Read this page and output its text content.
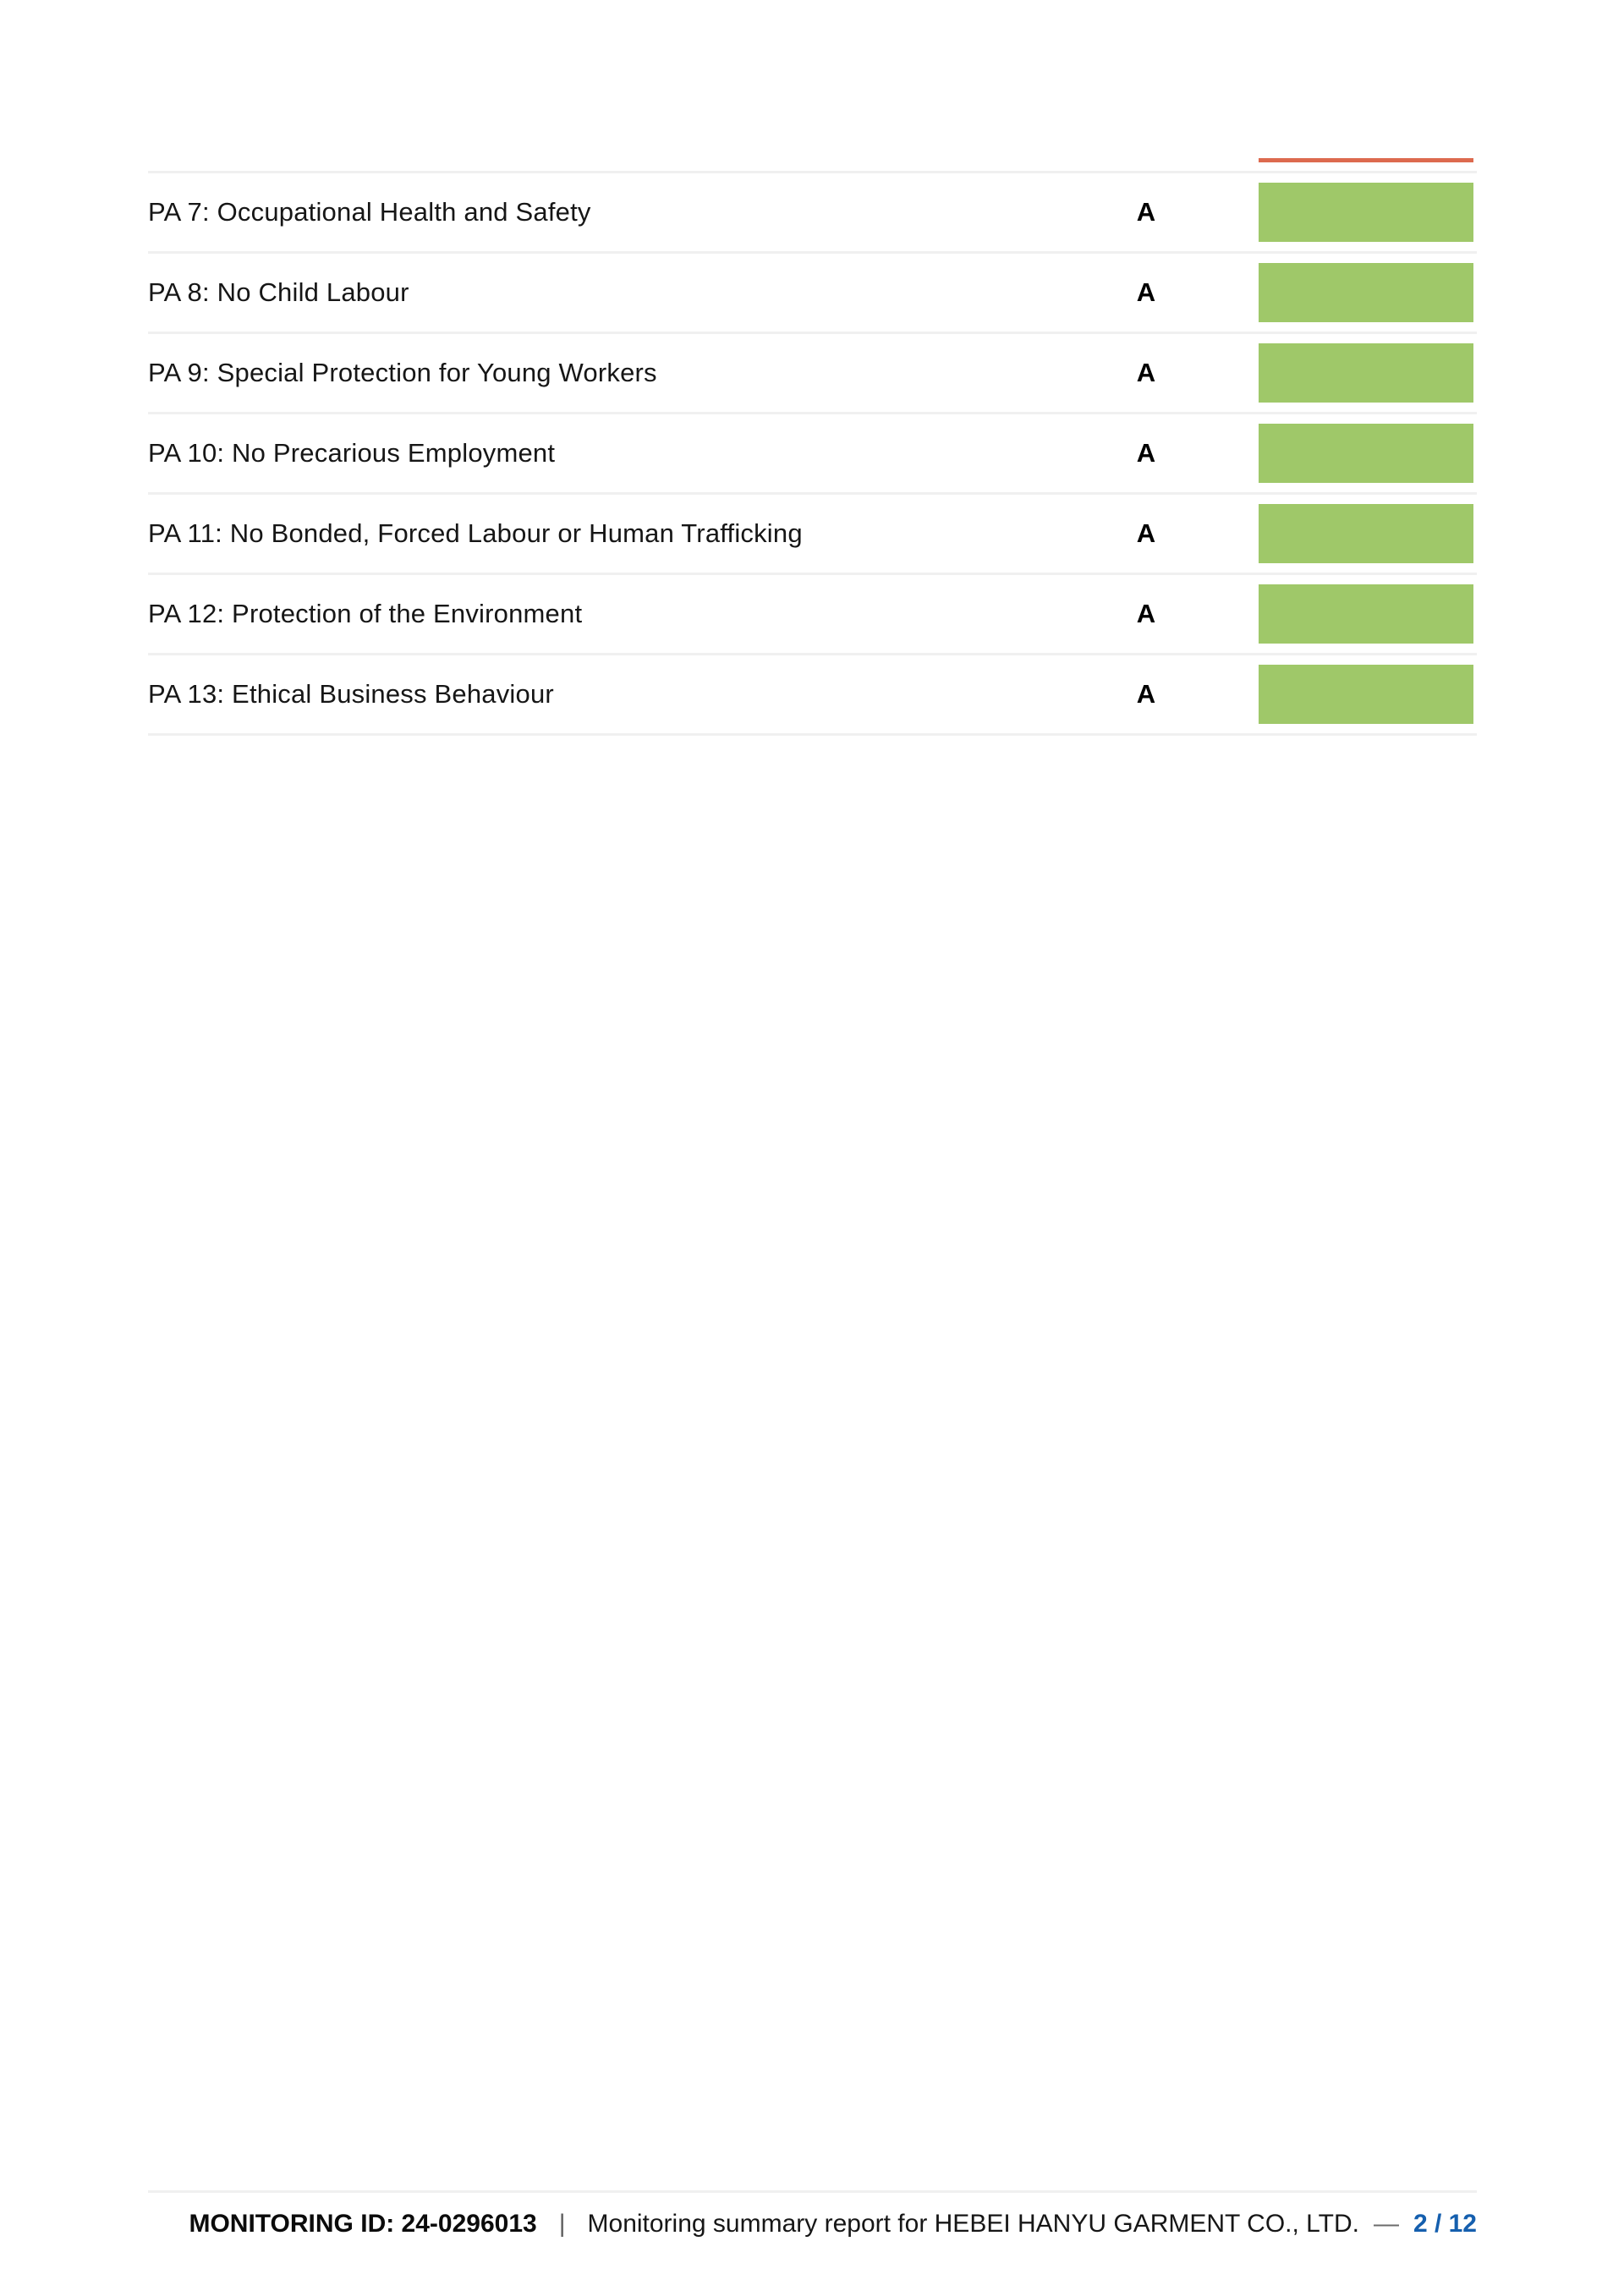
PA 7: Occupational Health and Safety	A
PA 8: No Child Labour	A
PA 9: Special Protection for Young Workers	A
PA 10: No Precarious Employment	A
PA 11: No Bonded, Forced Labour or Human Trafficking	A
PA 12: Protection of the Environment	A
PA 13: Ethical Business Behaviour	A
MONITORING ID: 24-0296013 | Monitoring summary report for HEBEI HANYU GARMENT CO., LTD. — 2 / 12
